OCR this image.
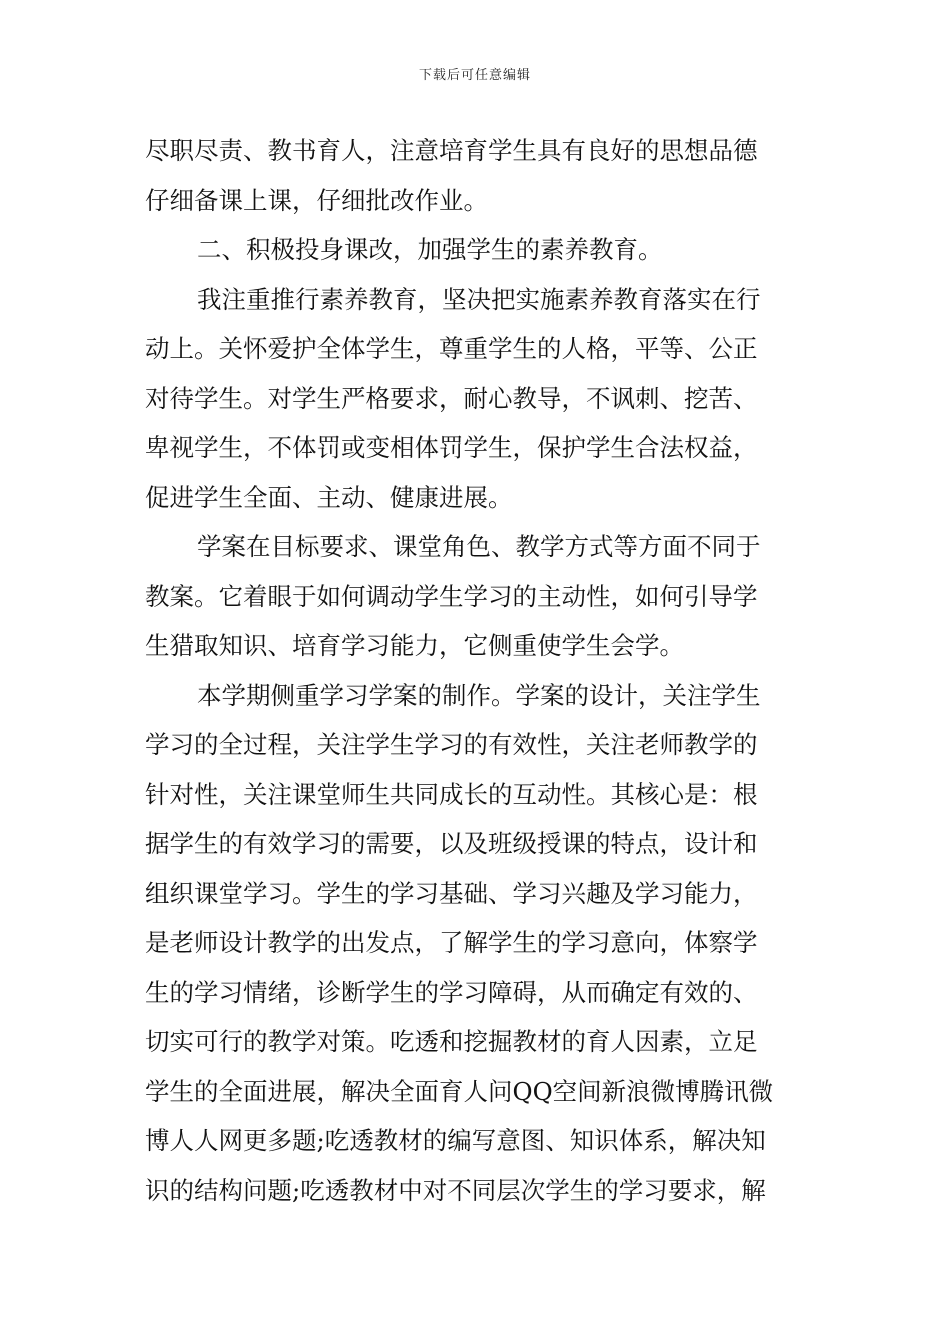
下载后可任意编辑
尽职尽责、教书育人，注意培育学生具有良好的思想品德
仔细备课上课，仔细批改作业。
二、积极投身课改，加强学生的素养教育。
我注重推行素养教育，坚决把实施素养教育落实在行
动上。关怀爱护全体学生，尊重学生的人格，平等、公正
对待学生。对学生严格要求，耐心教导，不讽刺、挖苦、
卑视学生，不体罚或变相体罚学生，保护学生合法权益，
促进学生全面、主动、健康进展。
学案在目标要求、课堂角色、教学方式等方面不同于
教案。它着眼于如何调动学生学习的主动性，如何引导学
生猎取知识、培育学习能力，它侧重使学生会学。
本学期侧重学习学案的制作。学案的设计，关注学生
学习的全过程，关注学生学习的有效性，关注老师教学的
针对性，关注课堂师生共同成长的互动性。其核心是：根
据学生的有效学习的需要，以及班级授课的特点，设计和
组织课堂学习。学生的学习基础、学习兴趣及学习能力，
是老师设计教学的出发点，了解学生的学习意向，体察学
生的学习情绪，诊断学生的学习障碍，从而确定有效的、
切实可行的教学对策。吃透和挖掘教材的育人因素，立足
学生的全面进展，解决全面育人问QQ空间新浪微博腾讯微
博人人网更多题;吃透教材的编写意图、知识体系，解决知
识的结构问题;吃透教材中对不同层次学生的学习要求，解
